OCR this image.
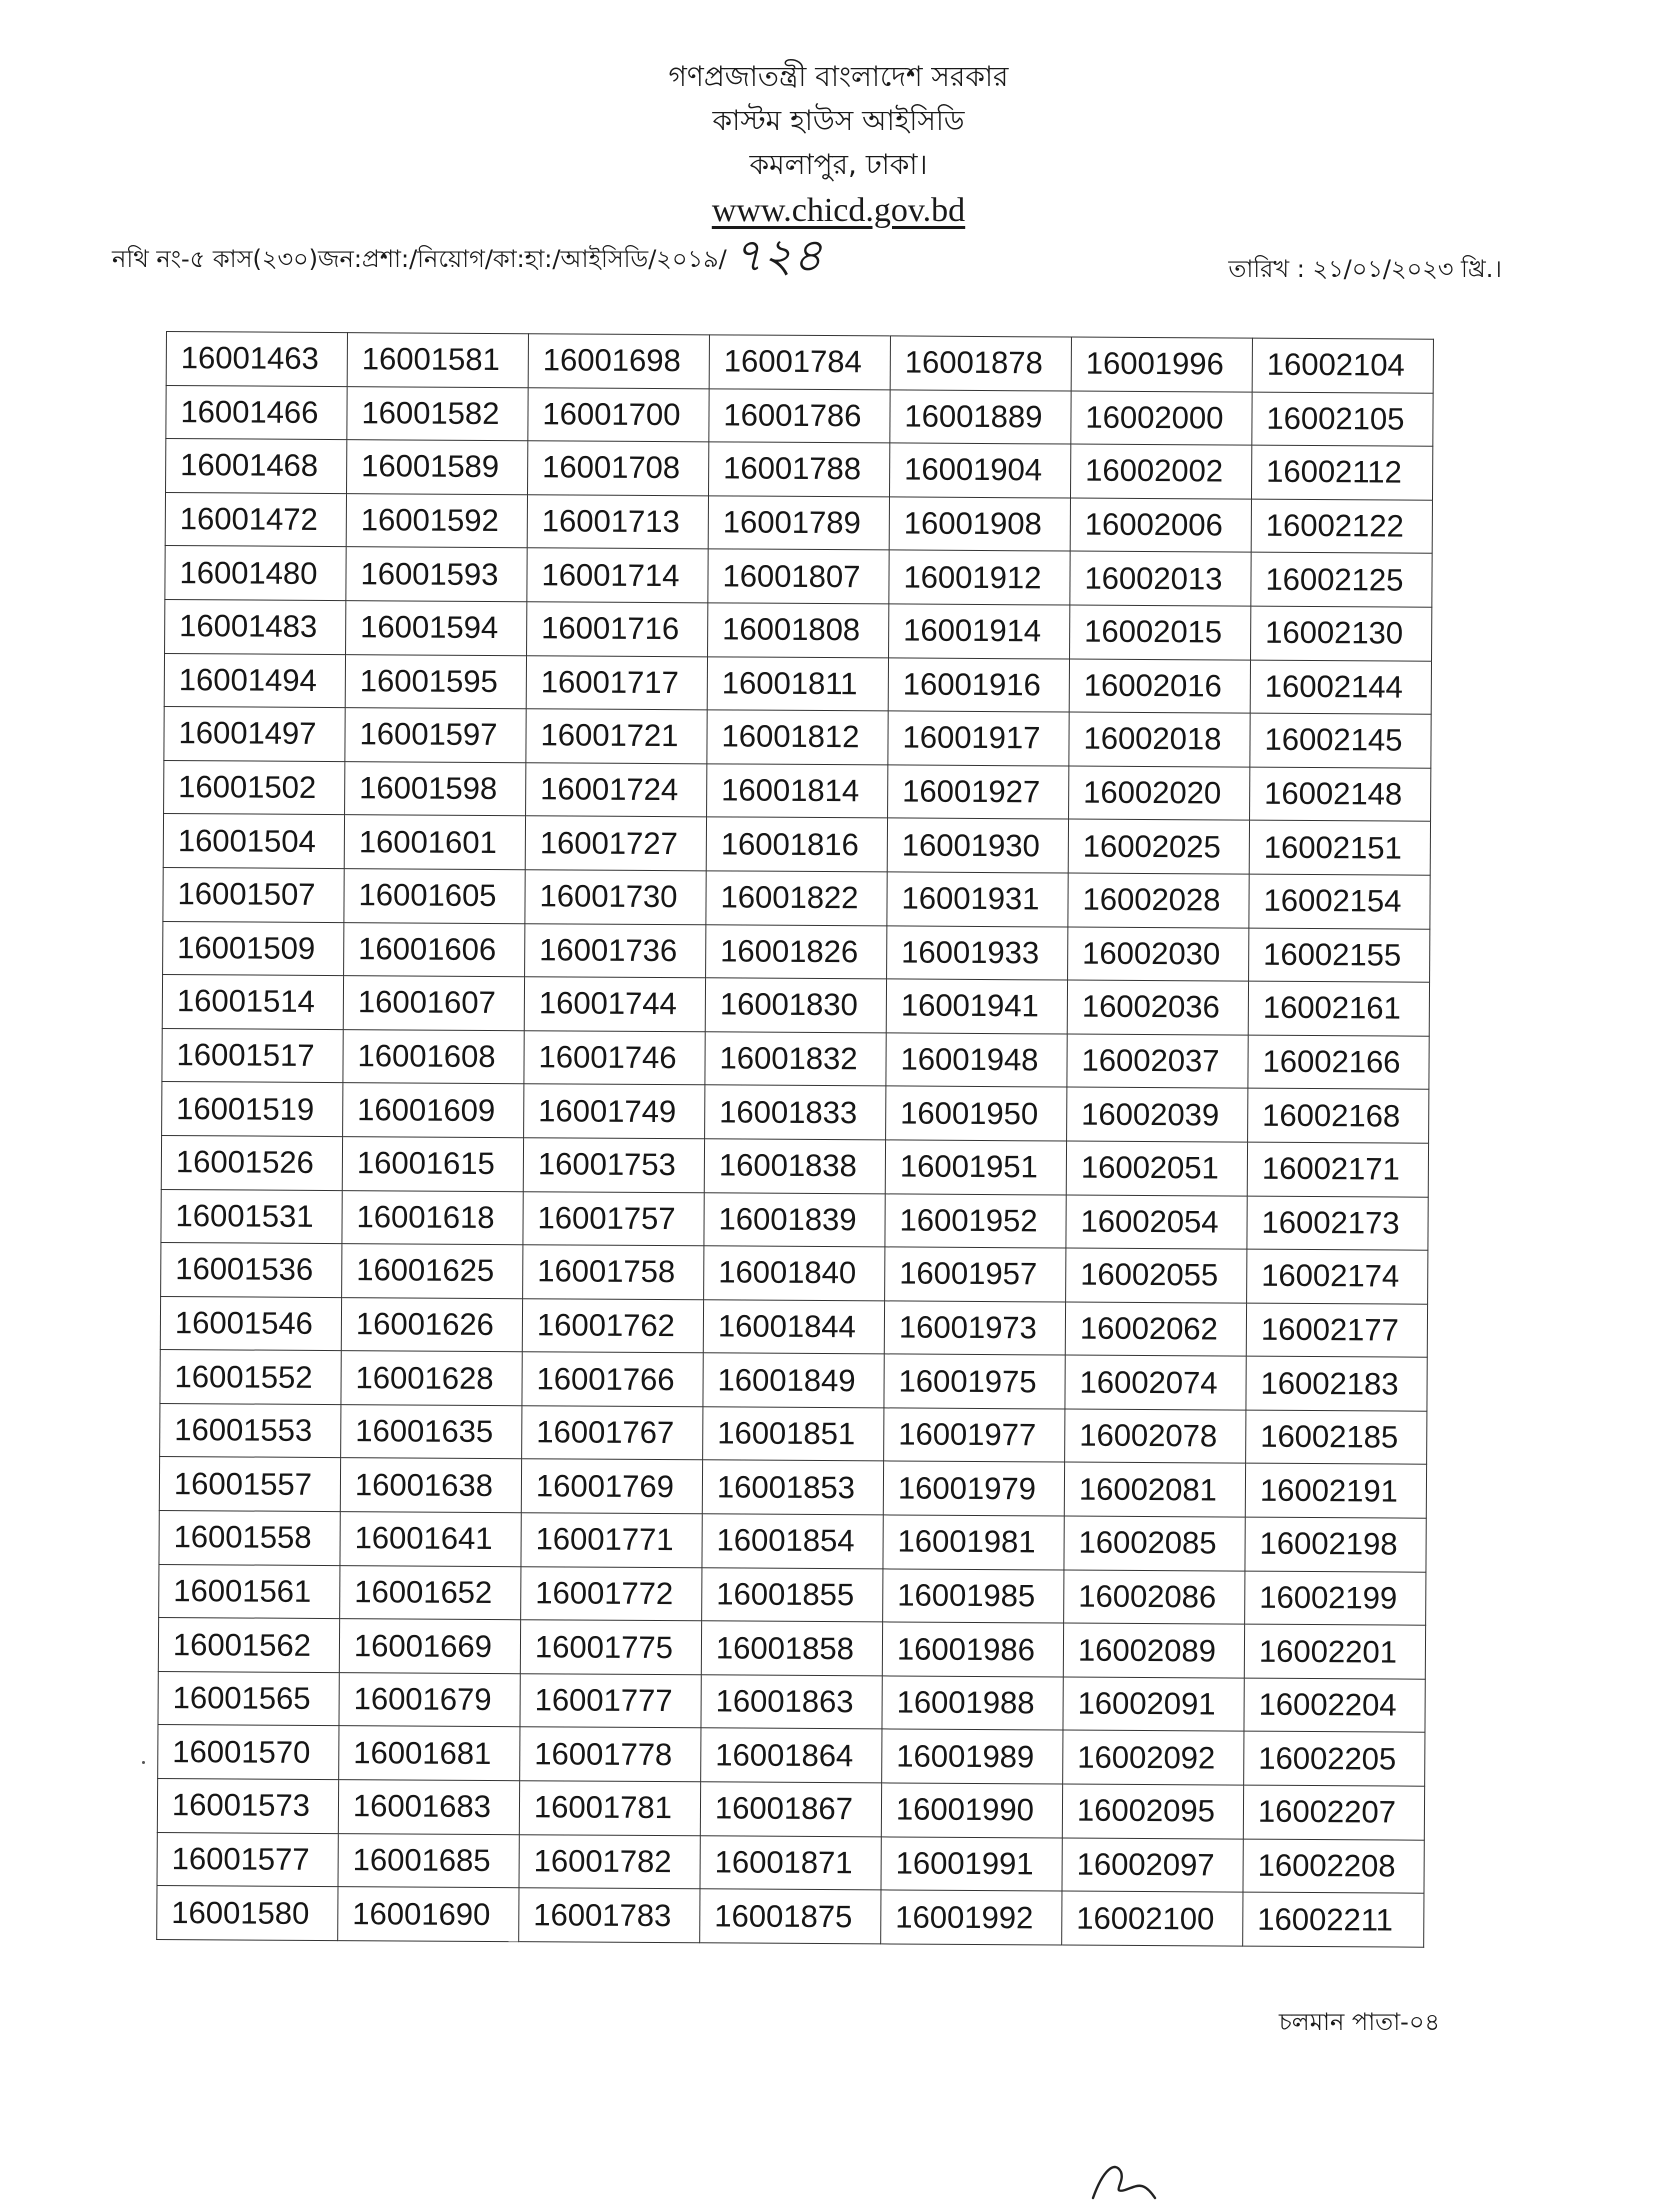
গণপ্রজাতন্ত্রী বাংলাদেশ সরকার
কাস্টম হাউস আইসিডি
কমলাপুর, ঢাকা।
www.chicd.gov.bd
নথি নং-৫ কাস(২৩০)জন:প্রশা:/নিয়োগ/কা:হা:/আইসিডি/২০১৯/ ৭২৪	তারিখ : ২১/০১/২০২৩ খ্রি.।
16001463	16001581	16001698	16001784	16001878	16001996	16002104
16001466	16001582	16001700	16001786	16001889	16002000	16002105
16001468	16001589	16001708	16001788	16001904	16002002	16002112
16001472	16001592	16001713	16001789	16001908	16002006	16002122
16001480	16001593	16001714	16001807	16001912	16002013	16002125
16001483	16001594	16001716	16001808	16001914	16002015	16002130
16001494	16001595	16001717	16001811	16001916	16002016	16002144
16001497	16001597	16001721	16001812	16001917	16002018	16002145
16001502	16001598	16001724	16001814	16001927	16002020	16002148
16001504	16001601	16001727	16001816	16001930	16002025	16002151
16001507	16001605	16001730	16001822	16001931	16002028	16002154
16001509	16001606	16001736	16001826	16001933	16002030	16002155
16001514	16001607	16001744	16001830	16001941	16002036	16002161
16001517	16001608	16001746	16001832	16001948	16002037	16002166
16001519	16001609	16001749	16001833	16001950	16002039	16002168
16001526	16001615	16001753	16001838	16001951	16002051	16002171
16001531	16001618	16001757	16001839	16001952	16002054	16002173
16001536	16001625	16001758	16001840	16001957	16002055	16002174
16001546	16001626	16001762	16001844	16001973	16002062	16002177
16001552	16001628	16001766	16001849	16001975	16002074	16002183
16001553	16001635	16001767	16001851	16001977	16002078	16002185
16001557	16001638	16001769	16001853	16001979	16002081	16002191
16001558	16001641	16001771	16001854	16001981	16002085	16002198
16001561	16001652	16001772	16001855	16001985	16002086	16002199
16001562	16001669	16001775	16001858	16001986	16002089	16002201
16001565	16001679	16001777	16001863	16001988	16002091	16002204
16001570	16001681	16001778	16001864	16001989	16002092	16002205
16001573	16001683	16001781	16001867	16001990	16002095	16002207
16001577	16001685	16001782	16001871	16001991	16002097	16002208
16001580	16001690	16001783	16001875	16001992	16002100	16002211
চলমান পাতা-০৪
